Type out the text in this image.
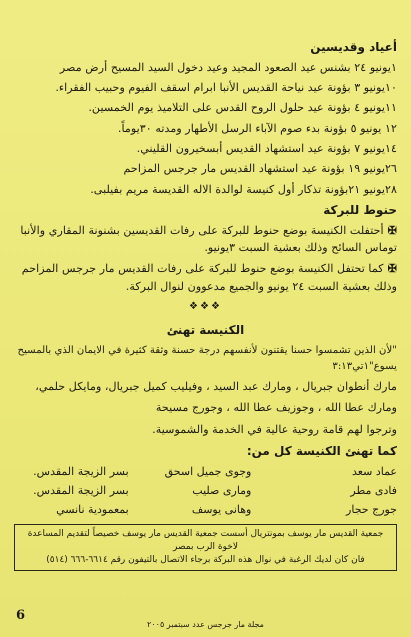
أعياد وقديسين
١يونيو ٢٤ بشنس عيد الصعود المجيد وعيد دخول السيد المسيح أرض مصر
١٠يونيو ٣ بؤونة عيد نياحة القديس الأنبا ابرام اسقف الفيوم وحبيب الفقراء.
١١يونيو ٤ بؤونة عيد حلول الروح القدس على التلاميذ يوم الخمسين.
١٢ يونيو ٥ بؤونة بدء صوم الآباء الرسل الأطهار ومدته ٣٠يوماً.
١٤يونيو ٧ بؤونة عيد استشهاد القديس أبسخيرون القليني.
٢٦يونيو ١٩ بؤونة عيد استشهاد القديس مار جرجس المزاحم
٢٨يونيو ٢١بؤونة تذكار أول كنيسة لوالدة الاله القديسة مريم بفيلبى.
حنوط للبركة
✠أحتفلت الكنيسة بوضع حنوط للبركة على رفات القديسين بشنونة المقاري والأنبا توماس السائح وذلك بعشية السبت ٣يونيو.
✠كما تحتفل الكنيسة بوضع حنوط للبركة على رفات القديس مار جرجس المزاحم وذلك بعشية السبت ٢٤ يونيو والجميع مدعوون لنوال البركة.
❖❖❖
الكنيسة تهنئ
"لأن الذين تشمسوا حسنا يقتنون لأنفسهم درجة حسنة وثقة كثيرة في الايمان الذي بالمسيح يسوع"١تي٣:١٣
مارك أنطوان جبريال ، ومارك عبد السيد ، وفيليب كميل جبريال، ومايكل حلمي،
ومارك عطا الله ، وجوزيف عطا الله ، وجورج مسيحة
وترجوا لهم قامة روحية عالية في الخدمة والشموسية.
كما تهنئ الكنيسة كل من:
عماد سعد
وجوى جميل اسحق
بسر الزيجة المقدس.
فادى مطر
ومارى صليب
بسر الزيجة المقدس.
جورج حجار
وهانى يوسف
بمعمودية نانسي
جمعية القديس مار يوسف بمونتريال أسست جمعية القديس مار يوسف خصيصاً لتقديم المساعدة لاخوة الرب بمصر
فان كان لديك الرغبة في نوال هذه البركة برجاء الاتصال بالتيفون رقم ٦٦١٤-٦٦٦ (٥١٤)
6
مجلة مار جرجس عدد سبتمبر ٢٠٠٥
